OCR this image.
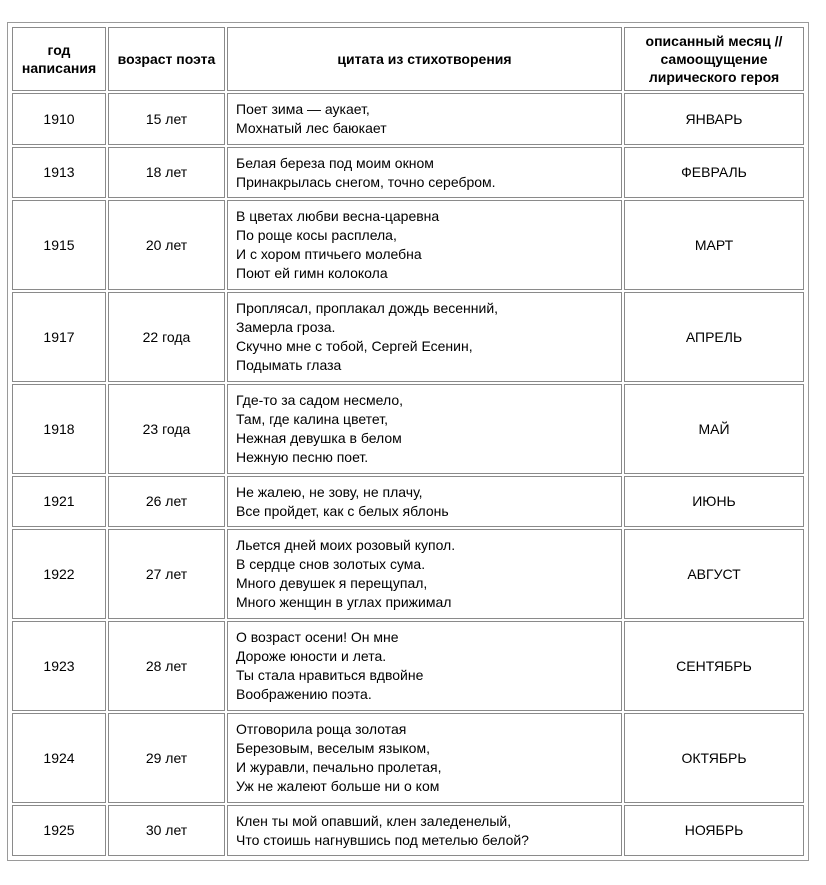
год написания	возраст поэта	цитата из стихотворения	описанный месяц // самоощущение лирического героя
1910	15 лет	Поет зима — аукает,
Мохнатый лес баюкает	ЯНВАРЬ
1913	18 лет	Белая береза под моим окном
Принакрылась снегом, точно серебром.	ФЕВРАЛЬ
1915	20 лет	В цветах любви весна-царевна
По роще косы расплела,
И с хором птичьего молебна
Поют ей гимн колокола	МАРТ
1917	22 года	Проплясал, проплакал дождь весенний,
Замерла гроза.
Скучно мне с тобой, Сергей Есенин,
Подымать глаза	АПРЕЛЬ
1918	23 года	Где-то за садом несмело,
Там, где калина цветет,
Нежная девушка в белом
Нежную песню поет.	МАЙ
1921	26 лет	Не жалею, не зову, не плачу,
Все пройдет, как с белых яблонь	ИЮНЬ
1922	27 лет	Льется дней моих розовый купол.
В сердце снов золотых сума.
Много девушек я перещупал,
Много женщин в углах прижимал	АВГУСТ
1923	28 лет	О возраст осени! Он мне
Дороже юности и лета.
Ты стала нравиться вдвойне
Воображению поэта.	СЕНТЯБРЬ
1924	29 лет	Отговорила роща золотая
Березовым, веселым языком,
И журавли, печально пролетая,
Уж не жалеют больше ни о ком	ОКТЯБРЬ
1925	30 лет	Клен ты мой опавший, клен заледенелый,
Что стоишь нагнувшись под метелью белой?	НОЯБРЬ
